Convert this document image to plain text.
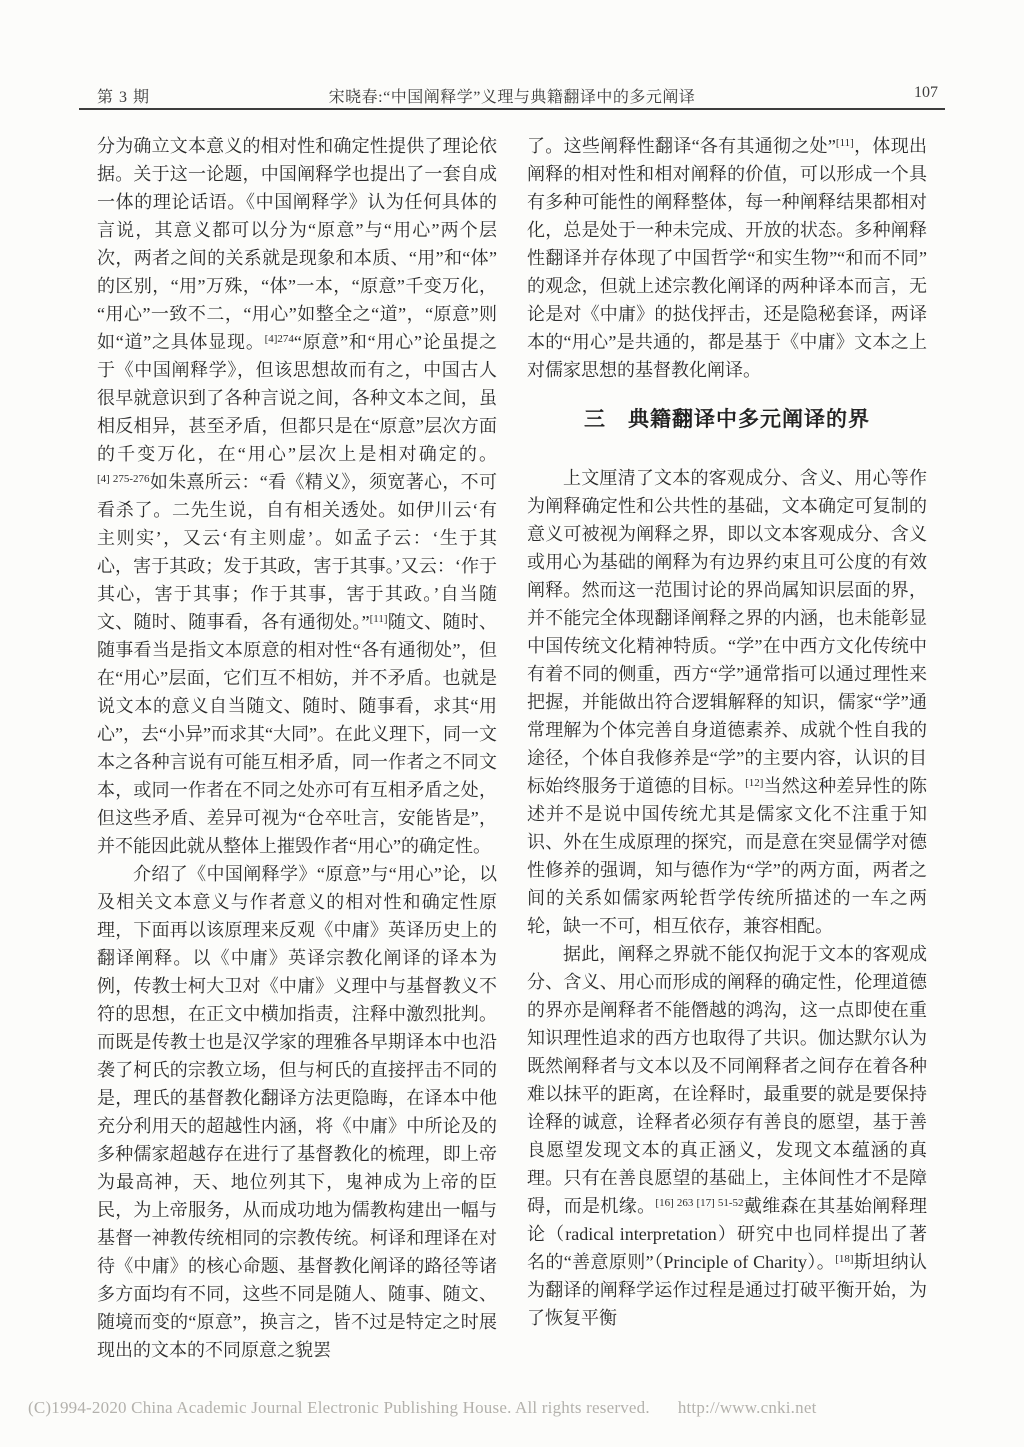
第 3 期	宋晓春:“中国阐释学”义理与典籍翻译中的多元阐译	107

分为确立文本意义的相对性和确定性提供了理论依据。关于这一论题，中国阐释学也提出了一套自成一体的理论话语。《中国阐释学》认为任何具体的言说，其意义都可以分为“原意”与“用心”两个层次，两者之间的关系就是现象和本质、“用”和“体”的区别，“用”万殊，“体”一本，“原意”千变万化，“用心”一致不二，“用心”如整全之“道”，“原意”则如“道”之具体显现。$^{[4]274}$“原意”和“用心”论虽提之于《中国阐释学》，但该思想故而有之，中国古人很早就意识到了各种言说之间，各种文本之间，虽相反相异，甚至矛盾，但都只是在“原意”层次方面的千变万化，在“用心”层次上是相对确定的。$^{[4] 275-276}$如朱熹所云：“看《精义》，须宽著心，不可看杀了。二先生说，自有相关透处。如伊川云‘有主则实’，又云‘有主则虚’。如孟子云：‘生于其心，害于其政；发于其政，害于其事。’又云：‘作于其心，害于其事；作于其事，害于其政。’自当随文、随时、随事看，各有通彻处。”[11]随文、随时、随事看当是指文本原意的相对性“各有通彻处”，但在“用心”层面，它们互不相妨，并不矛盾。也就是说文本的意义自当随文、随时、随事看，求其“用心”，去“小异”而求其“大同”。在此义理下，同一文本之各种言说有可能互相矛盾，同一作者之不同文本，或同一作者在不同之处亦可有互相矛盾之处，但这些矛盾、差异可视为“仓卒吐言，安能皆是”，并不能因此就从整体上摧毁作者“用心”的确定性。

介绍了《中国阐释学》“原意”与“用心”论，以及相关文本意义与作者意义的相对性和确定性原理，下面再以该原理来反观《中庸》英译历史上的翻译阐释。以《中庸》英译宗教化阐译的译本为例，传教士柯大卫对《中庸》义理中与基督教义不符的思想，在正文中横加指责，注释中激烈批判。而既是传教士也是汉学家的理雅各早期译本中也沿袭了柯氏的宗教立场，但与柯氏的直接抨击不同的是，理氏的基督教化翻译方法更隐晦，在译本中他充分利用天的超越性内涵，将《中庸》中所论及的多种儒家超越存在进行了基督教化的梳理，即上帝为最高神，天、地位列其下，鬼神成为上帝的臣民，为上帝服务，从而成功地为儒教构建出一幅与基督一神教传统相同的宗教传统。柯译和理译在对待《中庸》的核心命题、基督教化阐译的路径等诸多方面均有不同，这些不同是随人、随事、随文、随境而变的“原意”，换言之，皆不过是特定之时展现出的文本的不同原意之貌罢

了。这些阐释性翻译“各有其通彻之处”[11]，体现出阐释的相对性和相对阐释的价值，可以形成一个具有多种可能性的阐释整体，每一种阐释结果都相对化，总是处于一种未完成、开放的状态。多种阐释性翻译并存体现了中国哲学“和实生物”“和而不同”的观念，但就上述宗教化阐译的两种译本而言，无论是对《中庸》的挞伐抨击，还是隐秘套译，两译本的“用心”是共通的，都是基于《中庸》文本之上对儒家思想的基督教化阐译。

三　典籍翻译中多元阐译的界

上文厘清了文本的客观成分、含义、用心等作为阐释确定性和公共性的基础，文本确定可复制的意义可被视为阐释之界，即以文本客观成分、含义或用心为基础的阐释为有边界约束且可公度的有效阐释。然而这一范围讨论的界尚属知识层面的界，并不能完全体现翻译阐释之界的内涵，也未能彰显中国传统文化精神特质。“学”在中西方文化传统中有着不同的侧重，西方“学”通常指可以通过理性来把握，并能做出符合逻辑解释的知识，儒家“学”通常理解为个体完善自身道德素养、成就个性自我的途径，个体自我修养是“学”的主要内容，认识的目标始终服务于道德的目标。[12]当然这种差异性的陈述并不是说中国传统尤其是儒家文化不注重于知识、外在生成原理的探究，而是意在突显儒学对德性修养的强调，知与德作为“学”的两方面，两者之间的关系如儒家两轮哲学传统所描述的一车之两轮，缺一不可，相互依存，兼容相配。

据此，阐释之界就不能仅拘泥于文本的客观成分、含义、用心而形成的阐释的确定性，伦理道德的界亦是阐释者不能僭越的鸿沟，这一点即使在重知识理性追求的西方也取得了共识。伽达默尔认为既然阐释者与文本以及不同阐释者之间存在着各种难以抹平的距离，在诠释时，最重要的就是要保持诠释的诚意，诠释者必须存有善良的愿望，基于善良愿望发现文本的真正涵义，发现文本蕴涵的真理。只有在善良愿望的基础上，主体间性才不是障碍，而是机缘。$^{[16] 263 [17] 51-52}$戴维森在其基始阐释理论（radical interpretation）研究中也同样提出了著名的“善意原则”（Principle of Charity）。[18]斯坦纳认为翻译的阐释学运作过程是通过打破平衡开始，为了恢复平衡

(C)1994-2020 China Academic Journal Electronic Publishing House. All rights reserved. http://www.cnki.net
